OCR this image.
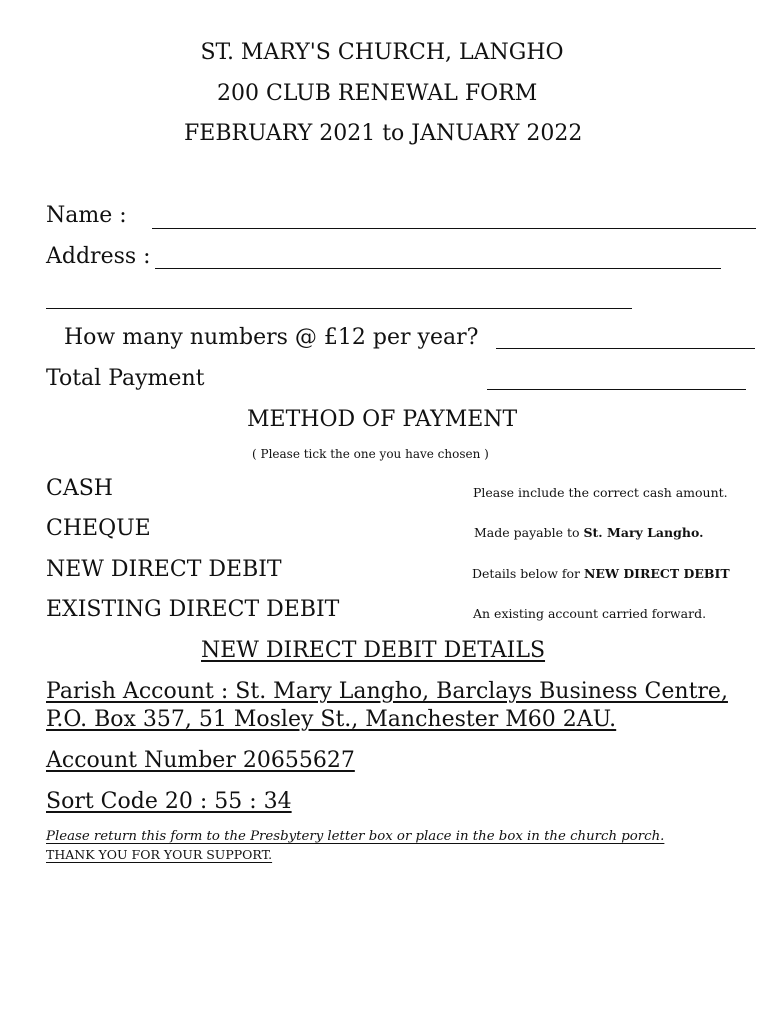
ST. MARY'S CHURCH, LANGHO
200 CLUB RENEWAL FORM
FEBRUARY 2021 to JANUARY 2022
Name :
Address :
How many numbers @ £12 per year?
Total Payment
METHOD OF PAYMENT
( Please tick the one you have chosen )
CASH	Please include the correct cash amount.
CHEQUE	Made payable to St. Mary Langho.
NEW DIRECT DEBIT	Details below for NEW DIRECT DEBIT
EXISTING DIRECT DEBIT	An existing account carried forward.
NEW DIRECT DEBIT DETAILS
Parish Account : St. Mary Langho, Barclays Business Centre,
P.O. Box 357, 51 Mosley St., Manchester M60 2AU.
Account Number 20655627
Sort Code 20 : 55 : 34
Please return this form to the Presbytery letter box or place in the box in the church porch.
THANK YOU FOR YOUR SUPPORT.
